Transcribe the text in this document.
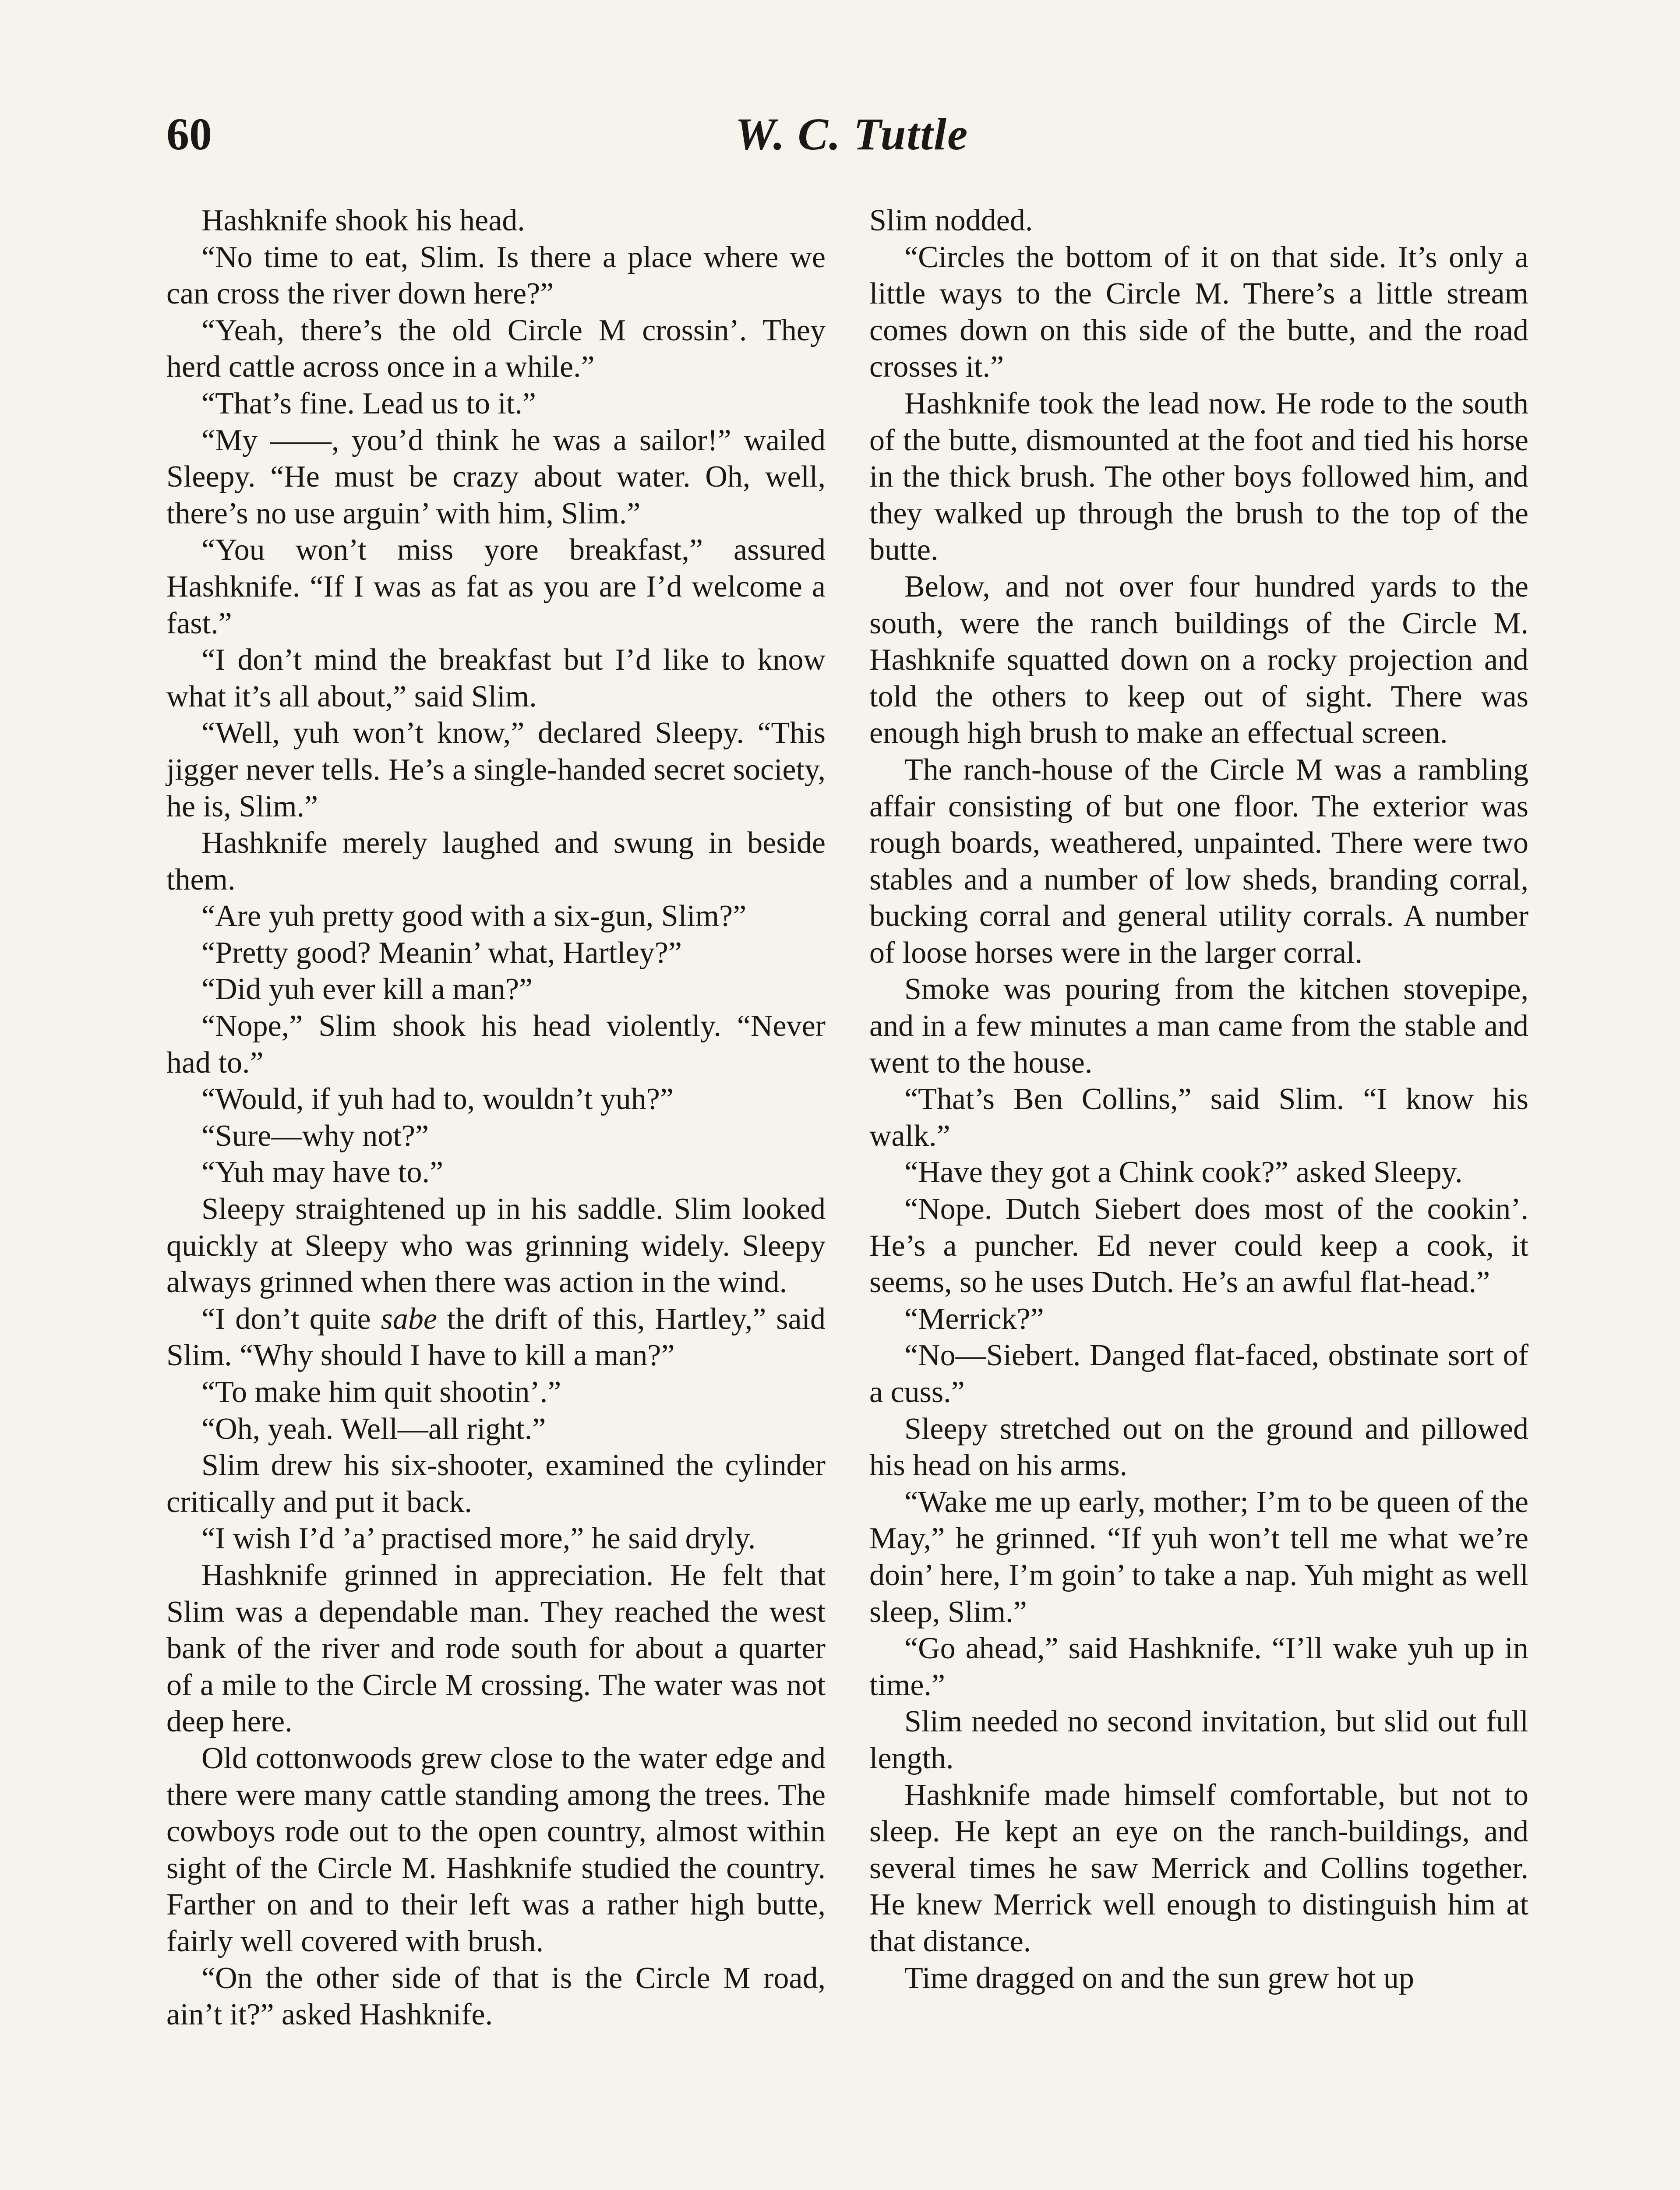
60	W. C. Tuttle

Hashknife shook his head.

“No time to eat, Slim. Is there a place where we can cross the river down here?”

“Yeah, there’s the old Circle M crossin’. They herd cattle across once in a while.”

“That’s fine. Lead us to it.”

“My ——, you’d think he was a sailor!” wailed Sleepy. “He must be crazy about water. Oh, well, there’s no use arguin’ with him, Slim.”

“You won’t miss yore breakfast,” assured Hashknife. “If I was as fat as you are I’d welcome a fast.”

“I don’t mind the breakfast but I’d like to know what it’s all about,” said Slim.

“Well, yuh won’t know,” declared Sleepy. “This jigger never tells. He’s a single-handed secret society, he is, Slim.”

Hashknife merely laughed and swung in beside them.

“Are yuh pretty good with a six-gun, Slim?”

“Pretty good? Meanin’ what, Hartley?”

“Did yuh ever kill a man?”

“Nope,” Slim shook his head violently. “Never had to.”

“Would, if yuh had to, wouldn’t yuh?”

“Sure—why not?”

“Yuh may have to.”

Sleepy straightened up in his saddle. Slim looked quickly at Sleepy who was grinning widely. Sleepy always grinned when there was action in the wind.

“I don’t quite sabe the drift of this, Hartley,” said Slim. “Why should I have to kill a man?”

“To make him quit shootin’.”

“Oh, yeah. Well—all right.”

Slim drew his six-shooter, examined the cylinder critically and put it back.

“I wish I’d ’a’ practised more,” he said dryly.

Hashknife grinned in appreciation. He felt that Slim was a dependable man. They reached the west bank of the river and rode south for about a quarter of a mile to the Circle M crossing. The water was not deep here.

Old cottonwoods grew close to the water edge and there were many cattle standing among the trees. The cowboys rode out to the open country, almost within sight of the Circle M. Hashknife studied the country. Farther on and to their left was a rather high butte, fairly well covered with brush.

“On the other side of that is the Circle M road, ain’t it?” asked Hashknife.

Slim nodded.

“Circles the bottom of it on that side. It’s only a little ways to the Circle M. There’s a little stream comes down on this side of the butte, and the road crosses it.”

Hashknife took the lead now. He rode to the south of the butte, dismounted at the foot and tied his horse in the thick brush. The other boys followed him, and they walked up through the brush to the top of the butte.

Below, and not over four hundred yards to the south, were the ranch buildings of the Circle M. Hashknife squatted down on a rocky projection and told the others to keep out of sight. There was enough high brush to make an effectual screen.

The ranch-house of the Circle M was a rambling affair consisting of but one floor. The exterior was rough boards, weathered, unpainted. There were two stables and a number of low sheds, branding corral, bucking corral and general utility corrals. A number of loose horses were in the larger corral.

Smoke was pouring from the kitchen stovepipe, and in a few minutes a man came from the stable and went to the house.

“That’s Ben Collins,” said Slim. “I know his walk.”

“Have they got a Chink cook?” asked Sleepy.

“Nope. Dutch Siebert does most of the cookin’. He’s a puncher. Ed never could keep a cook, it seems, so he uses Dutch. He’s an awful flat-head.”

“Merrick?”

“No—Siebert. Danged flat-faced, obstinate sort of a cuss.”

Sleepy stretched out on the ground and pillowed his head on his arms.

“Wake me up early, mother; I’m to be queen of the May,” he grinned. “If yuh won’t tell me what we’re doin’ here, I’m goin’ to take a nap. Yuh might as well sleep, Slim.”

“Go ahead,” said Hashknife. “I’ll wake yuh up in time.”

Slim needed no second invitation, but slid out full length.

Hashknife made himself comfortable, but not to sleep. He kept an eye on the ranch-buildings, and several times he saw Merrick and Collins together. He knew Merrick well enough to distinguish him at that distance.

Time dragged on and the sun grew hot up
